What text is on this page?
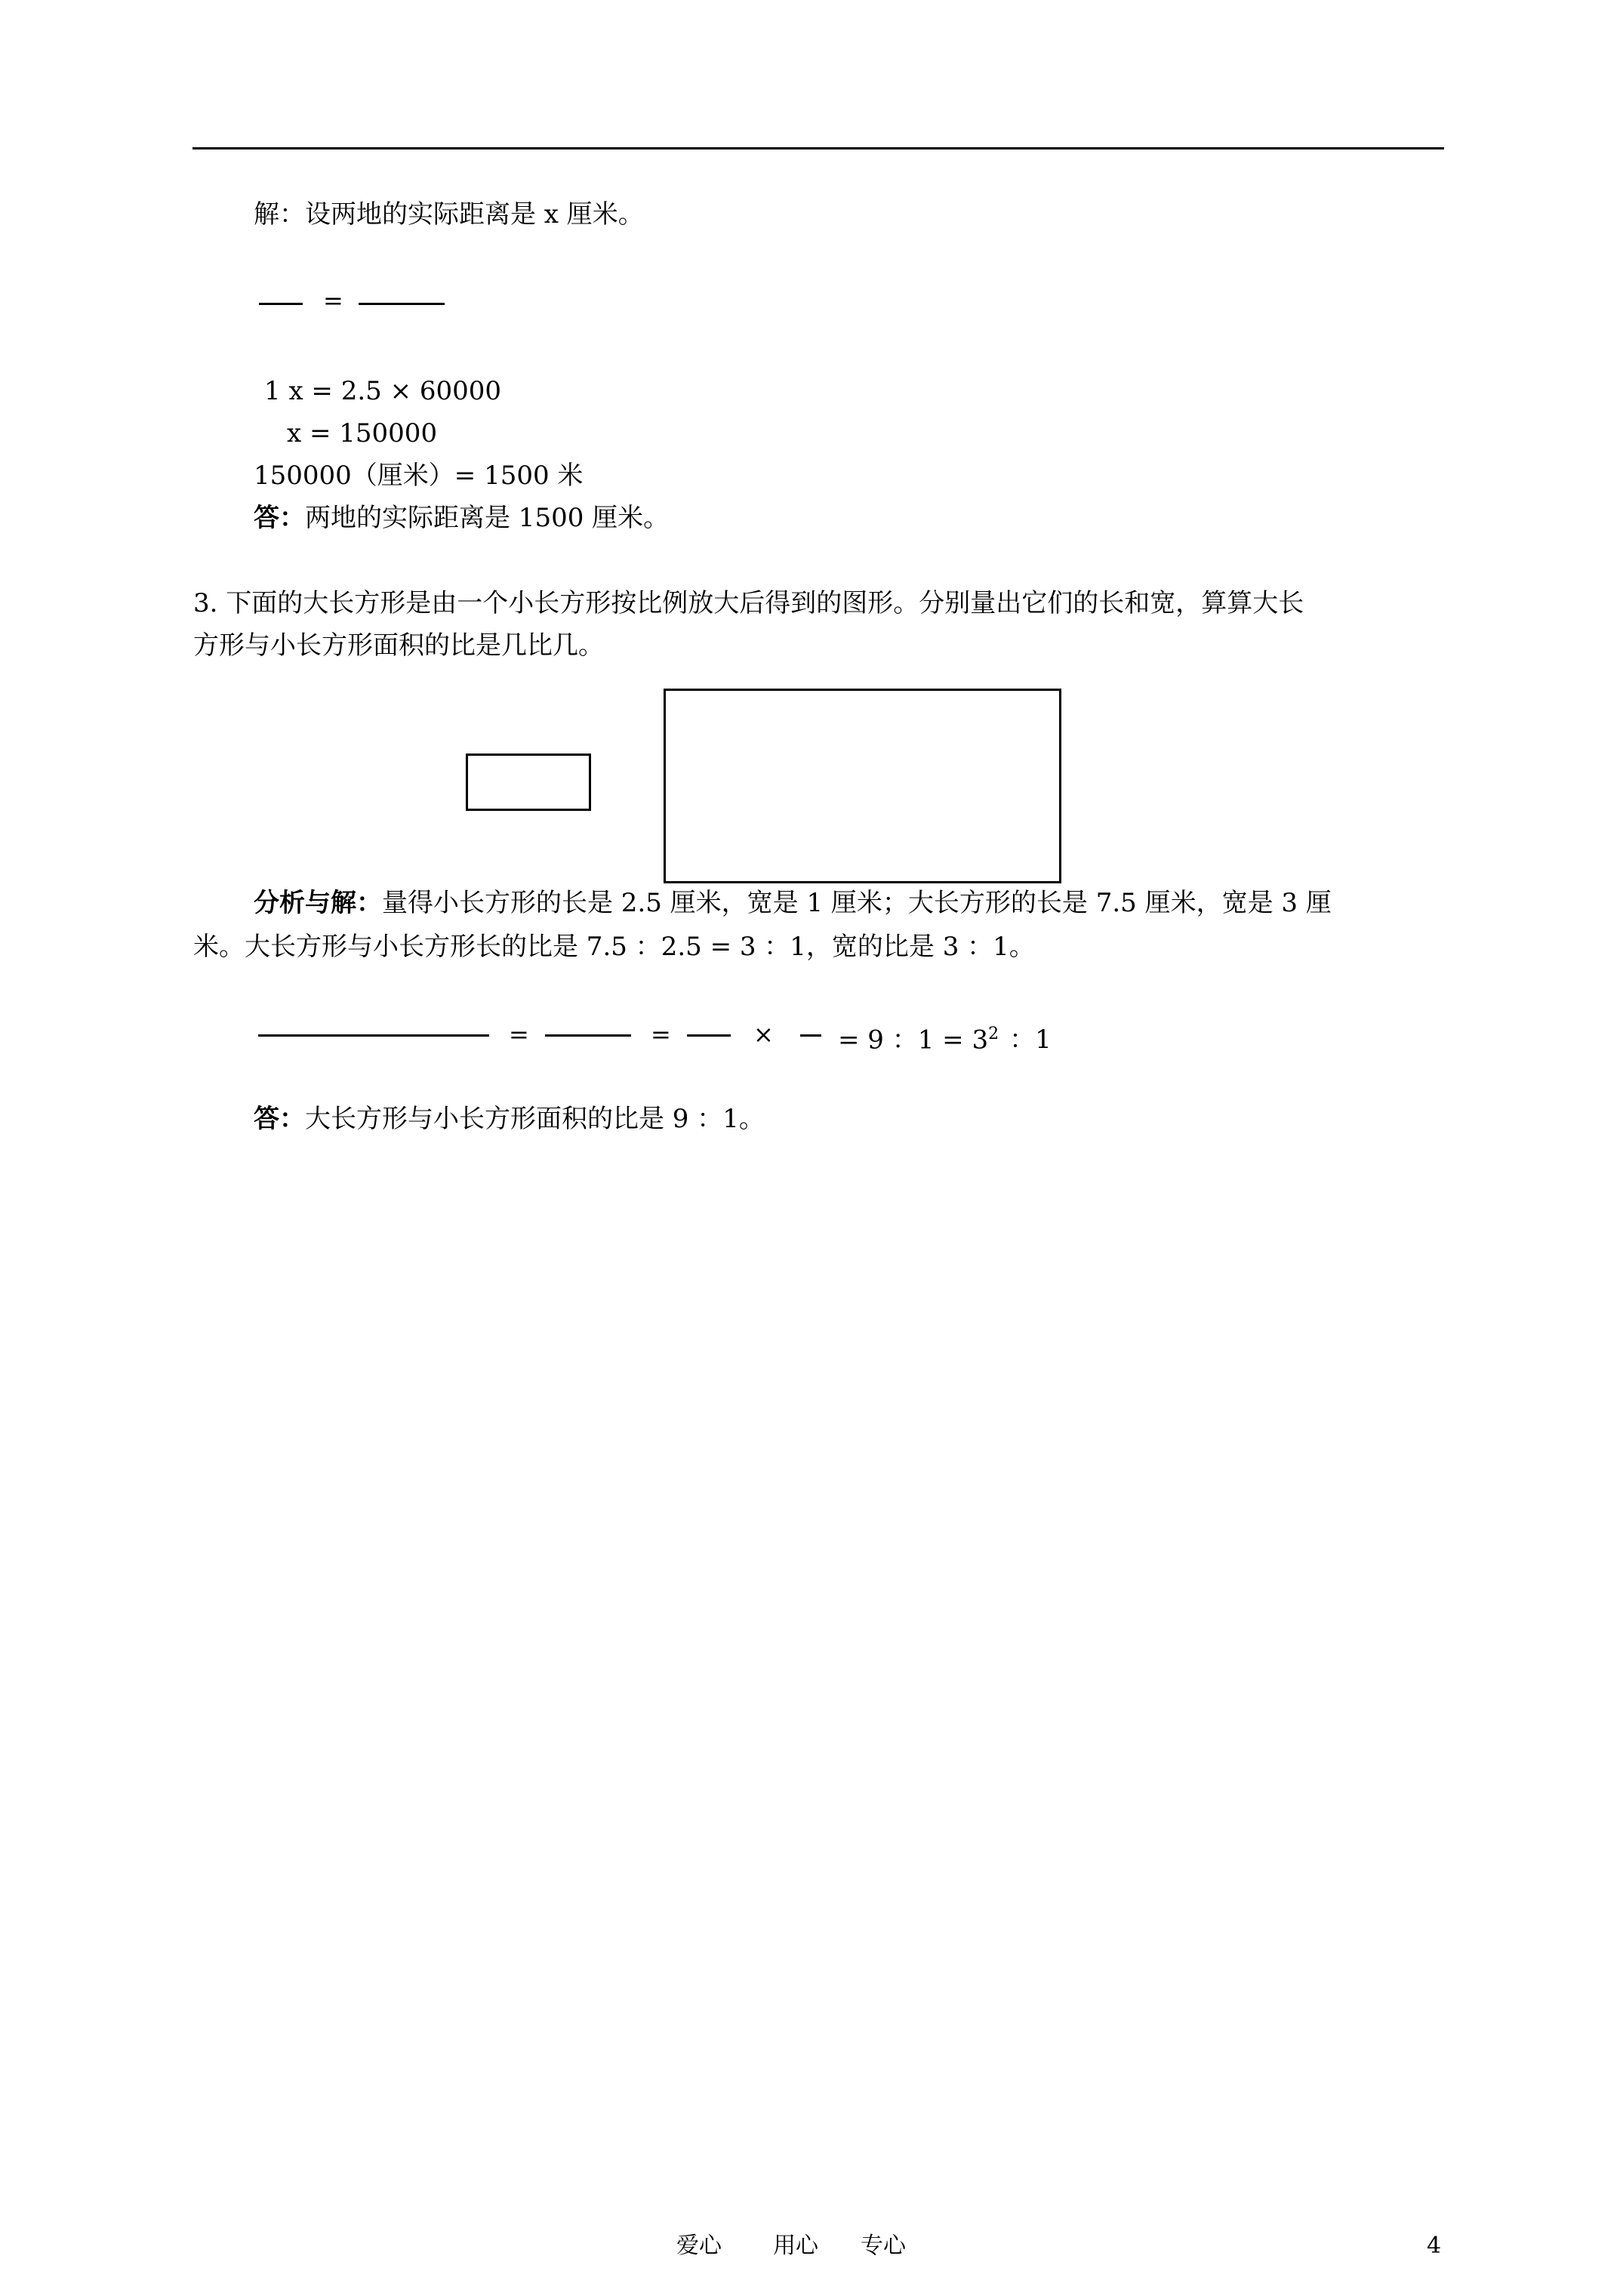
解：设两地的实际距离是 x 厘米。
=
1 x = 2.5 × 60000
x = 150000
150000（厘米）= 1500 米
答：两地的实际距离是 1500 厘米。
3. 下面的大长方形是由一个小长方形按比例放大后得到的图形。分别量出它们的长和宽，算算大长
方形与小长方形面积的比是几比几。
分析与解：量得小长方形的长是 2.5 厘米，宽是 1 厘米；大长方形的长是 7.5 厘米，宽是 3 厘
米。大长方形与小长方形长的比是 7.5 ：2.5 = 3 ：1，宽的比是 3 ：1。
=	=	×	= 9 ：$1 = 3^2$ ：1
答：大长方形与小长方形面积的比是 9 ：1。
爱心 用心 专心	4
